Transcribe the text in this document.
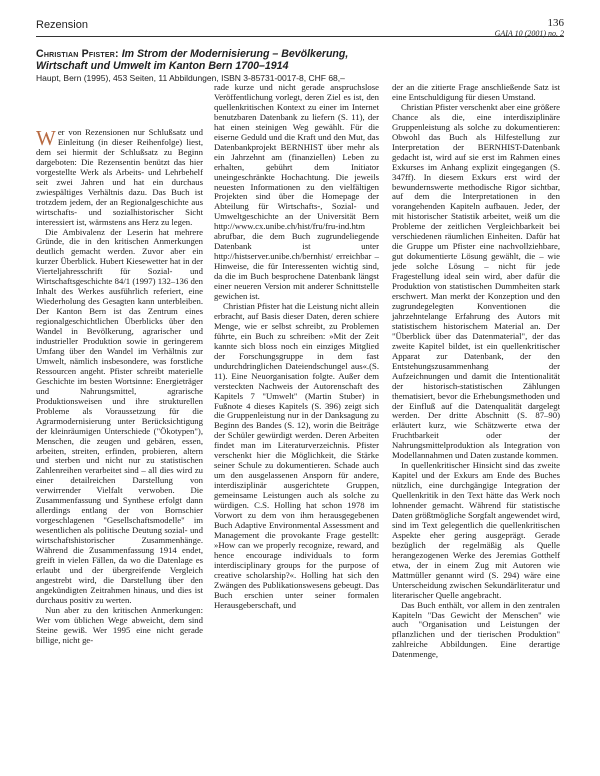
Rezension	136
GAIA 10 (2001) no. 2

Christian Pfister: Im Strom der Modernisierung – Bevölkerung, Wirtschaft und Umwelt im Kanton Bern 1700–1914

Haupt, Bern (1995), 453 Seiten, 11 Abbildungen, ISBN 3-85731-0017-8, CHF 68,–

Wer von Rezensionen nur Schlußsatz und Einleitung (in dieser Reihenfolge) liest, dem sei hiermit der Schlußsatz zu Beginn dargeboten: Die Rezensentin benützt das hier vorgestellte Werk als Arbeits- und Lehrbehelf seit zwei Jahren und hat ein durchaus zwiespältiges Verhältnis dazu. Das Buch ist trotzdem jedem, der an Regionalgeschichte aus wirtschafts- und sozialhistorischer Sicht interessiert ist, wärmstens ans Herz zu legen.

Die Ambivalenz der Leserin hat mehrere Gründe, die in den kritischen Anmerkungen deutlich gemacht werden. Zuvor aber ein kurzer Überblick. Hubert Kiesewetter hat in der Vierteljahresschrift für Sozial- und Wirtschaftsgeschichte 84/1 (1997) 132–136 den Inhalt des Werkes ausführlich referiert, eine Wiederholung des Gesagten kann unterbleiben. Der Kanton Bern ist das Zentrum eines regionalgeschichtlichen Überblicks über den Wandel in Bevölkerung, agrarischer und industrieller Produktion sowie in geringerem Umfang über den Wandel im Verhältnis zur Umwelt, nämlich insbesondere, was forstliche Ressourcen angeht. Pfister schreibt materielle Geschichte im besten Wortsinne: Energieträger und Nahrungsmittel, agrarische Produktionsweisen und ihre strukturellen Probleme als Voraussetzung für die Agrarmodernisierung unter Berücksichtigung der kleinräumigen Unterschiede ("Ökotypen"), Menschen, die zeugen und gebären, essen, arbeiten, streiten, erfinden, probieren, altern und sterben und nicht nur zu statistischen Zahlenreihen verarbeitet sind – all dies wird zu einer detailreichen Darstellung von verwirrender Vielfalt verwoben. Die Zusammenfassung und Synthese erfolgt dann allerdings entlang der von Bornschier vorgeschlagenen "Gesellschaftsmodelle" im wesentlichen als politische Deutung sozial- und wirtschaftshistorischer Zusammenhänge. Während die Zusammenfassung 1914 endet, greift in vielen Fällen, da wo die Datenlage es erlaubt und der übergreifende Vergleich angestrebt wird, die Darstellung über den angekündigten Zeitrahmen hinaus, und dies ist durchaus positiv zu werten.

Nun aber zu den kritischen Anmerkungen: Wer vom üblichen Wege abweicht, dem sind Steine gewiß. Wer 1995 eine nicht gerade billige, nicht ge-

rade kurze und nicht gerade anspruchslose Veröffentlichung vorlegt, deren Ziel es ist, den quellenkritischen Kontext zu einer im Internet benutzbaren Datenbank zu liefern (S. 11), der hat einen steinigen Weg gewählt. Für die eiserne Geduld und die Kraft und den Mut, das Datenbankprojekt BERNHIST über mehr als ein Jahrzehnt am (finanziellen) Leben zu erhalten, gebührt dem Initiator uneingeschränkte Hochachtung. Die jeweils neuesten Informationen zu den vielfältigen Projekten sind über die Homepage der Abteilung für Wirtschafts-, Sozial- und Umweltgeschichte an der Universität Bern http://www.cx.unibe.ch/hist/fru/fru-ind.htm abrufbar, die dem Buch zugrundeliegende Datenbank ist unter http://histserver.unibe.ch/bernhist/ erreichbar – Hinweise, die für Interessenten wichtig sind, da die im Buch besprochene Datenbank längst einer neueren Version mit anderer Schnittstelle gewichen ist.

Christian Pfister hat die Leistung nicht allein erbracht, auf Basis dieser Daten, deren schiere Menge, wie er selbst schreibt, zu Problemen führte, ein Buch zu schreiben: »Mit der Zeit kannte sich bloss noch ein einziges Mitglied der Forschungsgruppe in dem fast undurchdringlichen Dateiendschungel aus«.(S. 11). Eine Neuorganisation folgte. Außer dem versteckten Nachweis der Autorenschaft des Kapitels 7 "Umwelt" (Martin Stuber) in Fußnote 4 dieses Kapitels (S. 396) zeigt sich die Gruppenleistung nur in der Danksagung zu Beginn des Bandes (S. 12), worin die Beiträge der Schüler gewürdigt werden. Deren Arbeiten findet man im Literaturverzeichnis. Pfister verschenkt hier die Möglichkeit, die Stärke seiner Schule zu dokumentieren. Schade auch um den ausgelassenen Ansporn für andere, interdisziplinär ausgerichtete Gruppen, gemeinsame Leistungen auch als solche zu würdigen. C.S. Holling hat schon 1978 im Vorwort zu dem von ihm herausgegebenen Buch Adaptive Environmental Assessment and Management die provokante Frage gestellt: »How can we properly recognize, reward, and hence encourage individuals to form interdisciplinary groups for the purpose of creative scholarship?«. Holling hat sich den Zwängen des Publikationswesens gebeugt. Das Buch erschien unter seiner formalen Herausgeberschaft, und

der an die zitierte Frage anschließende Satz ist eine Entschuldigung für diesen Umstand.

Christian Pfister verschenkt aber eine größere Chance als die, eine interdisziplinäre Gruppenleistung als solche zu dokumentieren: Obwohl das Buch als Hilfestellung zur Interpretation der BERNHIST-Datenbank gedacht ist, wird auf sie erst im Rahmen eines Exkurses im Anhang explizit eingegangen (S. 347ff). In diesem Exkurs erst wird der bewundernswerte methodische Rigor sichtbar, auf dem die Interpretationen in den vorangehenden Kapiteln aufbauen. Jeder, der mit historischer Statistik arbeitet, weiß um die Probleme der zeitlichen Vergleichbarkeit bei verschiedenen räumlichen Einheiten. Dafür hat die Gruppe um Pfister eine nachvollziehbare, gut dokumentierte Lösung gewählt, die – wie jede solche Lösung – nicht für jede Fragestellung ideal sein wird, aber dafür die Produktion von statistischen Dummheiten stark erschwert. Man merkt der Konzeption und den zugrundegelegten Konventionen die jahrzehntelange Erfahrung des Autors mit statistischem historischem Material an. Der "Überblick über das Datenmaterial", der das zweite Kapitel bildet, ist ein quellenkritischer Apparat zur Datenbank, der den Entstehungszusammenhang der Aufzeichnungen und damit die Intentionalität der historisch-statistischen Zählungen thematisiert, bevor die Erhebungsmethoden und der Einfluß auf die Datenqualität dargelegt werden. Der dritte Abschnitt (S. 87–90) erläutert kurz, wie Schätzwerte etwa der Fruchtbarkeit oder der Nahrungsmittelproduktion als Integration von Modellannahmen und Daten zustande kommen.

In quellenkritischer Hinsicht sind das zweite Kapitel und der Exkurs am Ende des Buches nützlich, eine durchgängige Integration der Quellenkritik in den Text hätte das Werk noch lohnender gemacht. Während für statistische Daten größtmögliche Sorgfalt angewendet wird, sind im Text gelegentlich die quellenkritischen Aspekte eher gering ausgeprägt. Gerade bezüglich der regelmäßig als Quelle herangezogenen Werke des Jeremias Gotthelf etwa, der in einem Zug mit Autoren wie Mattmüller genannt wird (S. 294) wäre eine Unterscheidung zwischen Sekundärliteratur und literarischer Quelle angebracht.

Das Buch enthält, vor allem in den zentralen Kapiteln "Das Gewicht der Menschen" wie auch "Organisation und Leistungen der pflanzlichen und der tierischen Produktion" zahlreiche Abbildungen. Eine derartige Datenmenge,
